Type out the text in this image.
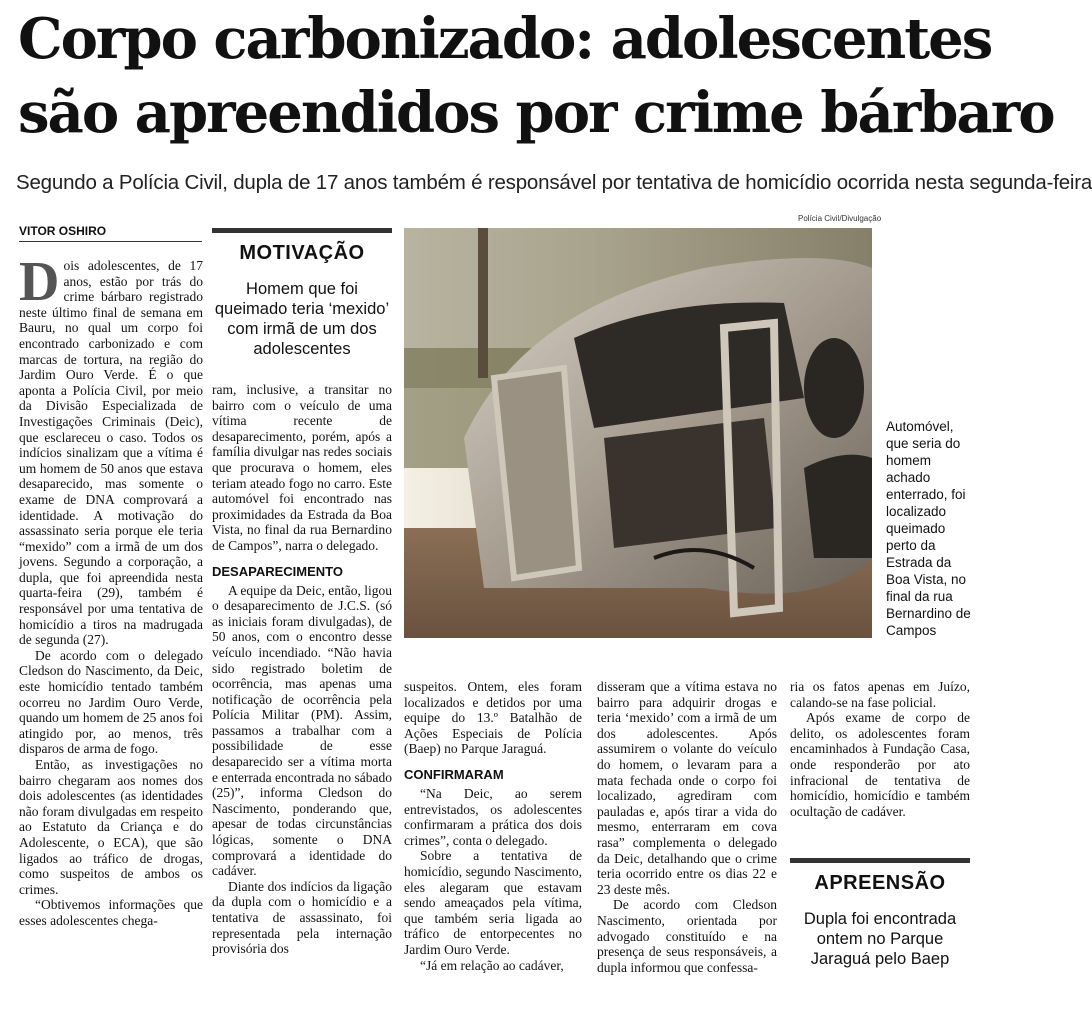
Corpo carbonizado: adolescentes
são apreendidos por crime bárbaro

Segundo a Polícia Civil, dupla de 17 anos também é responsável por tentativa de homicídio ocorrida nesta segunda-feira

VITOR OSHIRO

Dois adolescentes, de 17 anos, estão por trás do crime bárbaro registrado neste último final de semana em Bauru, no qual um corpo foi encontrado carbonizado e com marcas de tortura, na região do Jardim Ouro Verde. É o que aponta a Polícia Civil, por meio da Divisão Especializada de Investigações Criminais (Deic), que esclareceu o caso. Todos os indícios sinalizam que a vítima é um homem de 50 anos que estava desaparecido, mas somente o exame de DNA comprovará a identidade. A motivação do assassinato seria porque ele teria “mexido” com a irmã de um dos jovens. Segundo a corporação, a dupla, que foi apreendida nesta quarta-feira (29), também é responsável por uma tentativa de homicídio a tiros na madrugada de segunda (27).

De acordo com o delegado Cledson do Nascimento, da Deic, este homicídio tentado também ocorreu no Jardim Ouro Verde, quando um homem de 25 anos foi atingido por, ao menos, três disparos de arma de fogo.

Então, as investigações no bairro chegaram aos nomes dos dois adolescentes (as identidades não foram divulgadas em respeito ao Estatuto da Criança e do Adolescente, o ECA), que são ligados ao tráfico de drogas, como suspeitos de ambos os crimes.

“Obtivemos informações que esses adolescentes chega-

MOTIVAÇÃO
Homem que foi queimado teria ‘mexido’ com irmã de um dos adolescentes

ram, inclusive, a transitar no bairro com o veículo de uma vítima recente de desaparecimento, porém, após a família divulgar nas redes sociais que procurava o homem, eles teriam ateado fogo no carro. Este automóvel foi encontrado nas proximidades da Estrada da Boa Vista, no final da rua Bernardino de Campos”, narra o delegado.

DESAPARECIMENTO

A equipe da Deic, então, ligou o desaparecimento de J.C.S. (só as iniciais foram divulgadas), de 50 anos, com o encontro desse veículo incendiado. “Não havia sido registrado boletim de ocorrência, mas apenas uma notificação de ocorrência pela Polícia Militar (PM). Assim, passamos a trabalhar com a possibilidade de esse desaparecido ser a vítima morta e enterrada encontrada no sábado (25)”, informa Cledson do Nascimento, ponderando que, apesar de todas circunstâncias lógicas, somente o DNA comprovará a identidade do cadáver.

Diante dos indícios da ligação da dupla com o homicídio e a tentativa de assassinato, foi representada pela internação provisória dos

Polícia Civil/Divulgação
Automóvel, que seria do homem achado enterrado, foi localizado queimado perto da Estrada da Boa Vista, no final da rua Bernardino de Campos

suspeitos. Ontem, eles foram localizados e detidos por uma equipe do 13.º Batalhão de Ações Especiais de Polícia (Baep) no Parque Jaraguá.

CONFIRMARAM

“Na Deic, ao serem entrevistados, os adolescentes confirmaram a prática dos dois crimes”, conta o delegado.

Sobre a tentativa de homicídio, segundo Nascimento, eles alegaram que estavam sendo ameaçados pela vítima, que também seria ligada ao tráfico de entorpecentes no Jardim Ouro Verde.

“Já em relação ao cadáver,

disseram que a vítima estava no bairro para adquirir drogas e teria ‘mexido’ com a irmã de um dos adolescentes. Após assumirem o volante do veículo do homem, o levaram para a mata fechada onde o corpo foi localizado, agrediram com pauladas e, após tirar a vida do mesmo, enterraram em cova rasa” complementa o delegado da Deic, detalhando que o crime teria ocorrido entre os dias 22 e 23 deste mês.

De acordo com Cledson Nascimento, orientada por advogado constituído e na presença de seus responsáveis, a dupla informou que confessa-

ria os fatos apenas em Juízo, calando-se na fase policial.

Após exame de corpo de delito, os adolescentes foram encaminhados à Fundação Casa, onde responderão por ato infracional de tentativa de homicídio, homicídio e também ocultação de cadáver.

APREENSÃO
Dupla foi encontrada ontem no Parque Jaraguá pelo Baep
